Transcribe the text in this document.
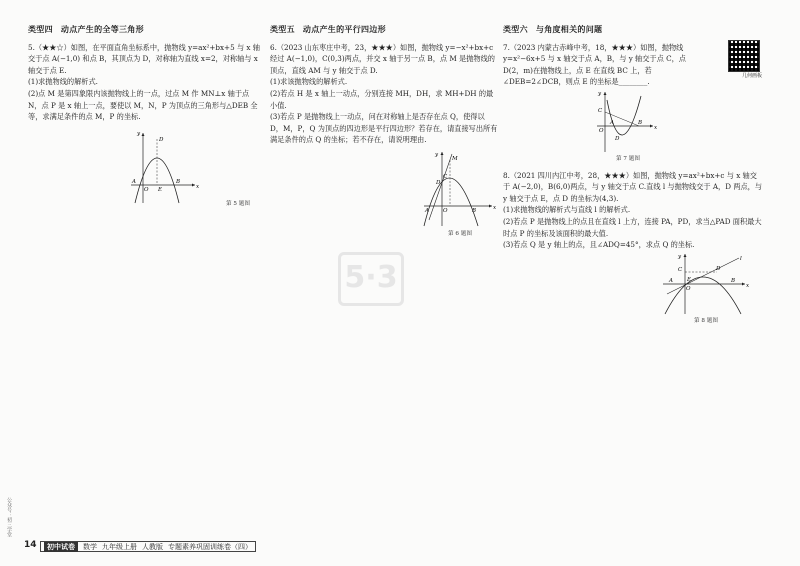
类型四 动点产生的全等三角形

5.（★★☆）如图，在平面直角坐标系中，抛物线 y=ax²+bx+5 与 x 轴交于点 A(−1,0) 和点 B，其顶点为 D，对称轴为直线 x=2，对称轴与 x 轴交于点 E.

(1)求抛物线的解析式.

(2)点 M 是第四象限内该抛物线上的一点，过点 M 作 MN⊥x 轴于点 N，点 P 是 x 轴上一点，要使以 M，N，P 为顶点的三角形与△DEB 全等，求满足条件的点 M，P 的坐标.

y
D
A
O E
B
x
第 5 题图
类型五 动点产生的平行四边形

6.（2023 山东枣庄中考，23，★★★）如图，抛物线 y=−x²+bx+c 经过 A(−1,0)，C(0,3)两点，并交 x 轴于另一点 B，点 M 是抛物线的顶点，直线 AM 与 y 轴交于点 D.

(1)求该抛物线的解析式.

(2)若点 H 是 x 轴上一动点，分别连接 MH，DH，求 MH+DH 的最小值.

(3)若点 P 是抛物线上一动点，问在对称轴上是否存在点 Q，使得以 D，M，P，Q 为顶点的四边形是平行四边形？若存在，请直接写出所有满足条件的点 Q 的坐标；若不存在，请说明理由.

y
M
D
C
A	O	B	x
第 6 题图
类型六 与角度相关的问题

7.（2023 内蒙古赤峰中考，18，★★★）如图，抛物线 y=x²−6x+5 与 x 轴交于点 A，B，与 y 轴交于点 C，点 D(2，m)在抛物线上，点 E 在直线 BC 上，若∠DEB=2∠DCB，则点 E 的坐标是________.

y
C
D
O
A	B
x
第 7 题图

8.（2021 四川内江中考，28，★★★）如图，抛物线 y=ax²+bx+c 与 x 轴交于 A(−2,0)，B(6,0)两点，与 y 轴交于点 C.直线 l 与抛物线交于 A，D 两点，与 y 轴交于点 E，点 D 的坐标为(4,3).

(1)求抛物线的解析式与直线 l 的解析式.

(2)若点 P 是抛物线上的点且在直线 l 上方，连接 PA，PD，求当△PAD 面积最大时点 P 的坐标及该面积的最大值.

(3)若点 Q 是 y 轴上的点，且∠ADQ=45°，求点 Q 的坐标.

y	l
C	D
E
A
O
B
x
第 8 题图
几何画板
5·3
14	初中试卷	数学 九年级上册 人教版 专题素养巩固训练卷（四）
公众号：初三学堂
